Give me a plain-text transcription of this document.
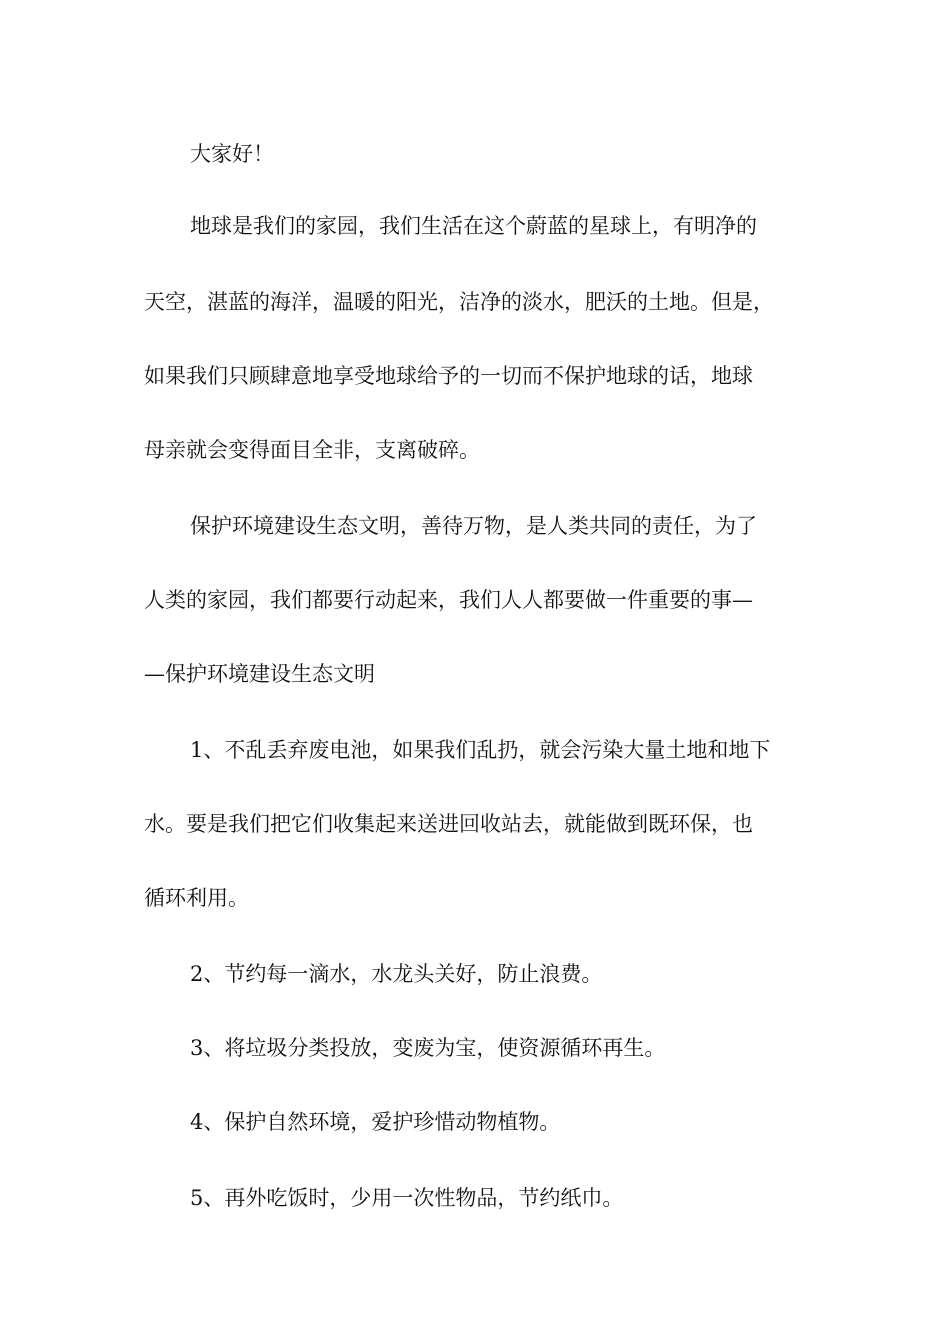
大家好！
地球是我们的家园，我们生活在这个蔚蓝的星球上，有明净的
天空，湛蓝的海洋，温暖的阳光，洁净的淡水，肥沃的土地。但是，
如果我们只顾肆意地享受地球给予的一切而不保护地球的话，地球
母亲就会变得面目全非，支离破碎。
保护环境建设生态文明，善待万物，是人类共同的责任，为了
人类的家园，我们都要行动起来，我们人人都要做一件重要的事—
—保护环境建设生态文明
1、不乱丢弃废电池，如果我们乱扔，就会污染大量土地和地下
水。要是我们把它们收集起来送进回收站去，就能做到既环保，也
循环利用。
2、节约每一滴水，水龙头关好，防止浪费。
3、将垃圾分类投放，变废为宝，使资源循环再生。
4、保护自然环境，爱护珍惜动物植物。
5、再外吃饭时，少用一次性物品，节约纸巾。
